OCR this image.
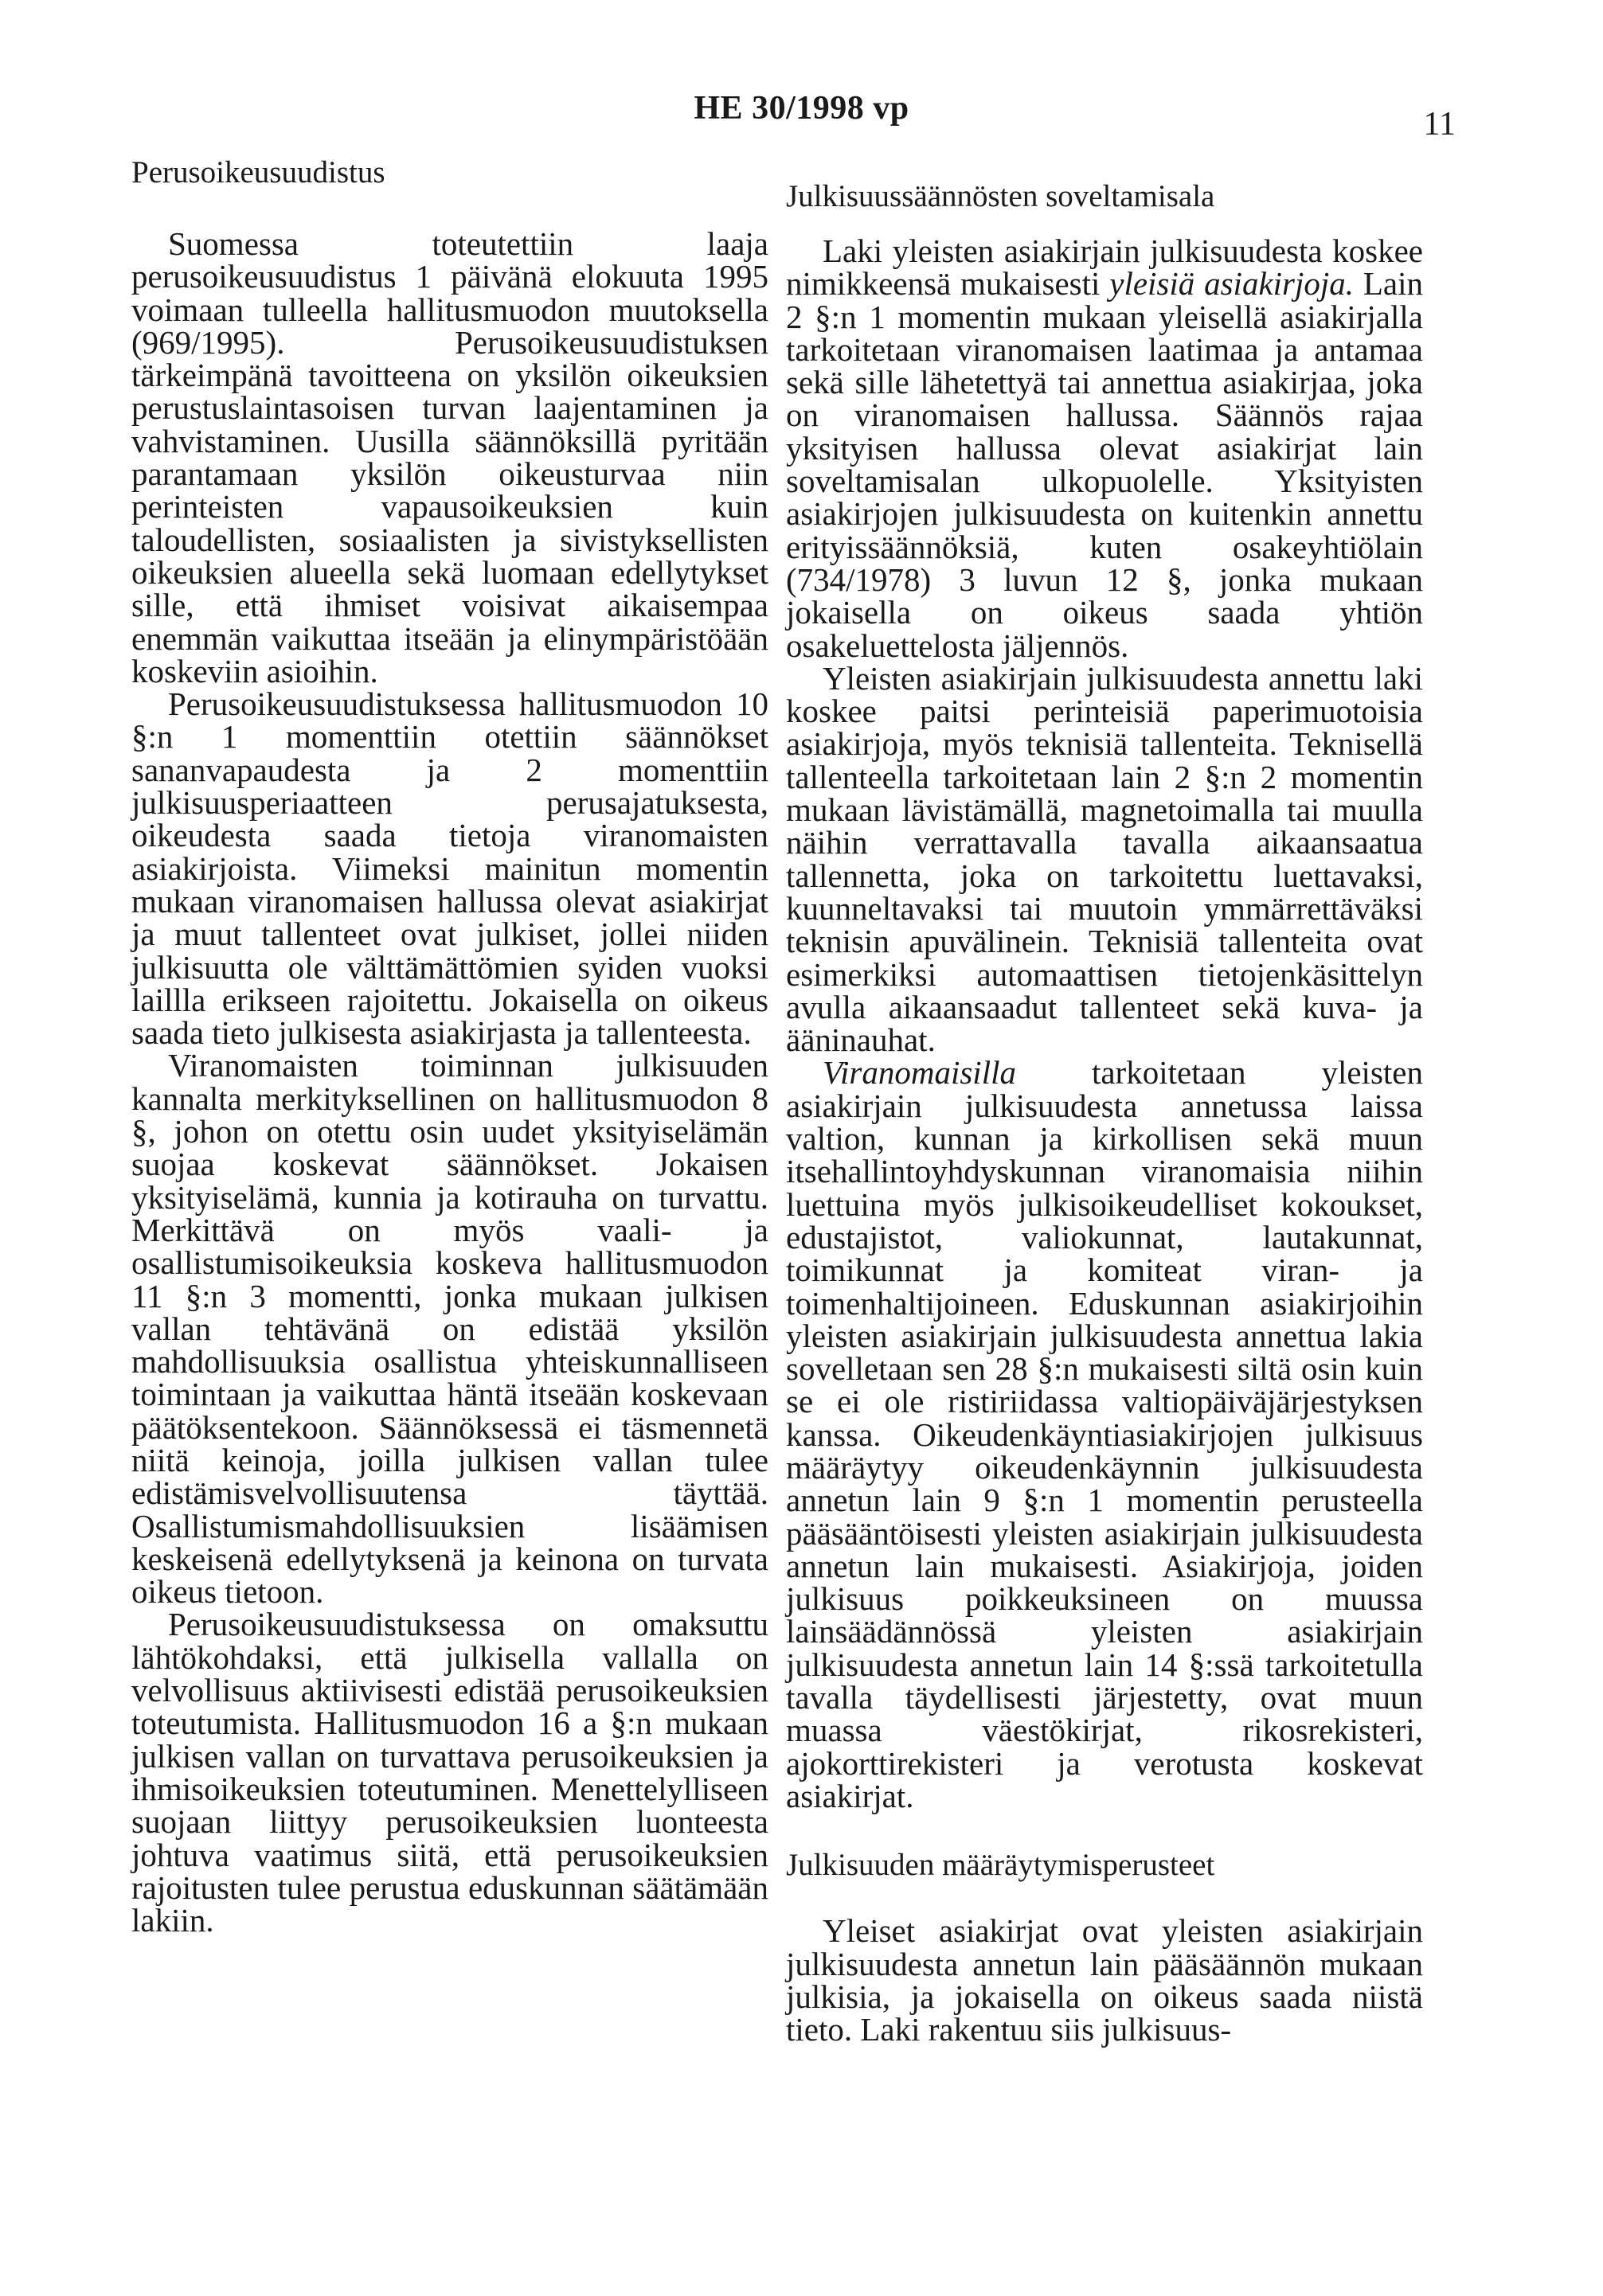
HE 30/1998 vp	11
Perusoikeusuudistus

Suomessa toteutettiin laaja perusoikeusuudistus 1 päivänä elokuuta 1995 voimaan tulleella hallitusmuodon muutoksella (969/1995). Perusoikeusuudistuksen tärkeimpänä tavoitteena on yksilön oikeuksien perustuslaintasoisen turvan laajentaminen ja vahvistaminen. Uusilla säännöksillä pyritään parantamaan yksilön oikeusturvaa niin perinteisten vapausoikeuksien kuin taloudellisten, sosiaalisten ja sivistyksellisten oikeuksien alueella sekä luomaan edellytykset sille, että ihmiset voisivat aikaisempaa enemmän vaikuttaa itseään ja elinympäristöään koskeviin asioihin.

Perusoikeusuudistuksessa hallitusmuodon 10 §:n 1 momenttiin otettiin säännökset sananvapaudesta ja 2 momenttiin julkisuusperiaatteen perusajatuksesta, oikeudesta saada tietoja viranomaisten asiakirjoista. Viimeksi mainitun momentin mukaan viranomaisen hallussa olevat asiakirjat ja muut tallenteet ovat julkiset, jollei niiden julkisuutta ole välttämättömien syiden vuoksi laillla erikseen rajoitettu. Jokaisella on oikeus saada tieto julkisesta asiakirjasta ja tallenteesta.

Viranomaisten toiminnan julkisuuden kannalta merkityksellinen on hallitusmuodon 8 §, johon on otettu osin uudet yksityiselämän suojaa koskevat säännökset. Jokaisen yksityiselämä, kunnia ja kotirauha on turvattu. Merkittävä on myös vaali- ja osallistumisoikeuksia koskeva hallitusmuodon 11 §:n 3 momentti, jonka mukaan julkisen vallan tehtävänä on edistää yksilön mahdollisuuksia osallistua yhteiskunnalliseen toimintaan ja vaikuttaa häntä itseään koskevaan päätöksentekoon. Säännöksessä ei täsmennetä niitä keinoja, joilla julkisen vallan tulee edistämisvelvollisuutensa täyttää. Osallistumismahdollisuuksien lisäämisen keskeisenä edellytyksenä ja keinona on turvata oikeus tietoon.

Perusoikeusuudistuksessa on omaksuttu lähtökohdaksi, että julkisella vallalla on velvollisuus aktiivisesti edistää perusoikeuksien toteutumista. Hallitusmuodon 16 a §:n mukaan julkisen vallan on turvattava perusoikeuksien ja ihmisoikeuksien toteutuminen. Menettelylliseen suojaan liittyy perusoikeuksien luonteesta johtuva vaatimus siitä, että perusoikeuksien rajoitusten tulee perustua eduskunnan säätämään lakiin.

Julkisuussäännösten soveltamisala

Laki yleisten asiakirjain julkisuudesta koskee nimikkeensä mukaisesti yleisiä asiakirjoja. Lain 2 §:n 1 momentin mukaan yleisellä asiakirjalla tarkoitetaan viranomaisen laatimaa ja antamaa sekä sille lähetettyä tai annettua asiakirjaa, joka on viranomaisen hallussa. Säännös rajaa yksityisen hallussa olevat asiakirjat lain soveltamisalan ulkopuolelle. Yksityisten asiakirjojen julkisuudesta on kuitenkin annettu erityissäännöksiä, kuten osakeyhtiölain (734/1978) 3 luvun 12 §, jonka mukaan jokaisella on oikeus saada yhtiön osakeluettelosta jäljennös.

Yleisten asiakirjain julkisuudesta annettu laki koskee paitsi perinteisiä paperimuotoisia asiakirjoja, myös teknisiä tallenteita. Teknisellä tallenteella tarkoitetaan lain 2 §:n 2 momentin mukaan lävistämällä, magnetoimalla tai muulla näihin verrattavalla tavalla aikaansaatua tallennetta, joka on tarkoitettu luettavaksi, kuunneltavaksi tai muutoin ymmärrettäväksi teknisin apuvälinein. Teknisiä tallenteita ovat esimerkiksi automaattisen tietojenkäsittelyn avulla aikaansaadut tallenteet sekä kuva- ja ääninauhat.

Viranomaisilla tarkoitetaan yleisten asiakirjain julkisuudesta annetussa laissa valtion, kunnan ja kirkollisen sekä muun itsehallintoyhdyskunnan viranomaisia niihin luettuina myös julkisoikeudelliset kokoukset, edustajistot, valiokunnat, lautakunnat, toimikunnat ja komiteat viran- ja toimenhaltijoineen. Eduskunnan asiakirjoihin yleisten asiakirjain julkisuudesta annettua lakia sovelletaan sen 28 §:n mukaisesti siltä osin kuin se ei ole ristiriidassa valtiopäiväjärjestyksen kanssa. Oikeudenkäyntiasiakirjojen julkisuus määräytyy oikeudenkäynnin julkisuudesta annetun lain 9 §:n 1 momentin perusteella pääsääntöisesti yleisten asiakirjain julkisuudesta annetun lain mukaisesti. Asiakirjoja, joiden julkisuus poikkeuksineen on muussa lainsäädännössä yleisten asiakirjain julkisuudesta annetun lain 14 §:ssä tarkoitetulla tavalla täydellisesti järjestetty, ovat muun muassa väestökirjat, rikosrekisteri, ajokorttirekisteri ja verotusta koskevat asiakirjat.

Julkisuuden määräytymisperusteet

Yleiset asiakirjat ovat yleisten asiakirjain julkisuudesta annetun lain pääsäännön mukaan julkisia, ja jokaisella on oikeus saada niistä tieto. Laki rakentuu siis julkisuus-
